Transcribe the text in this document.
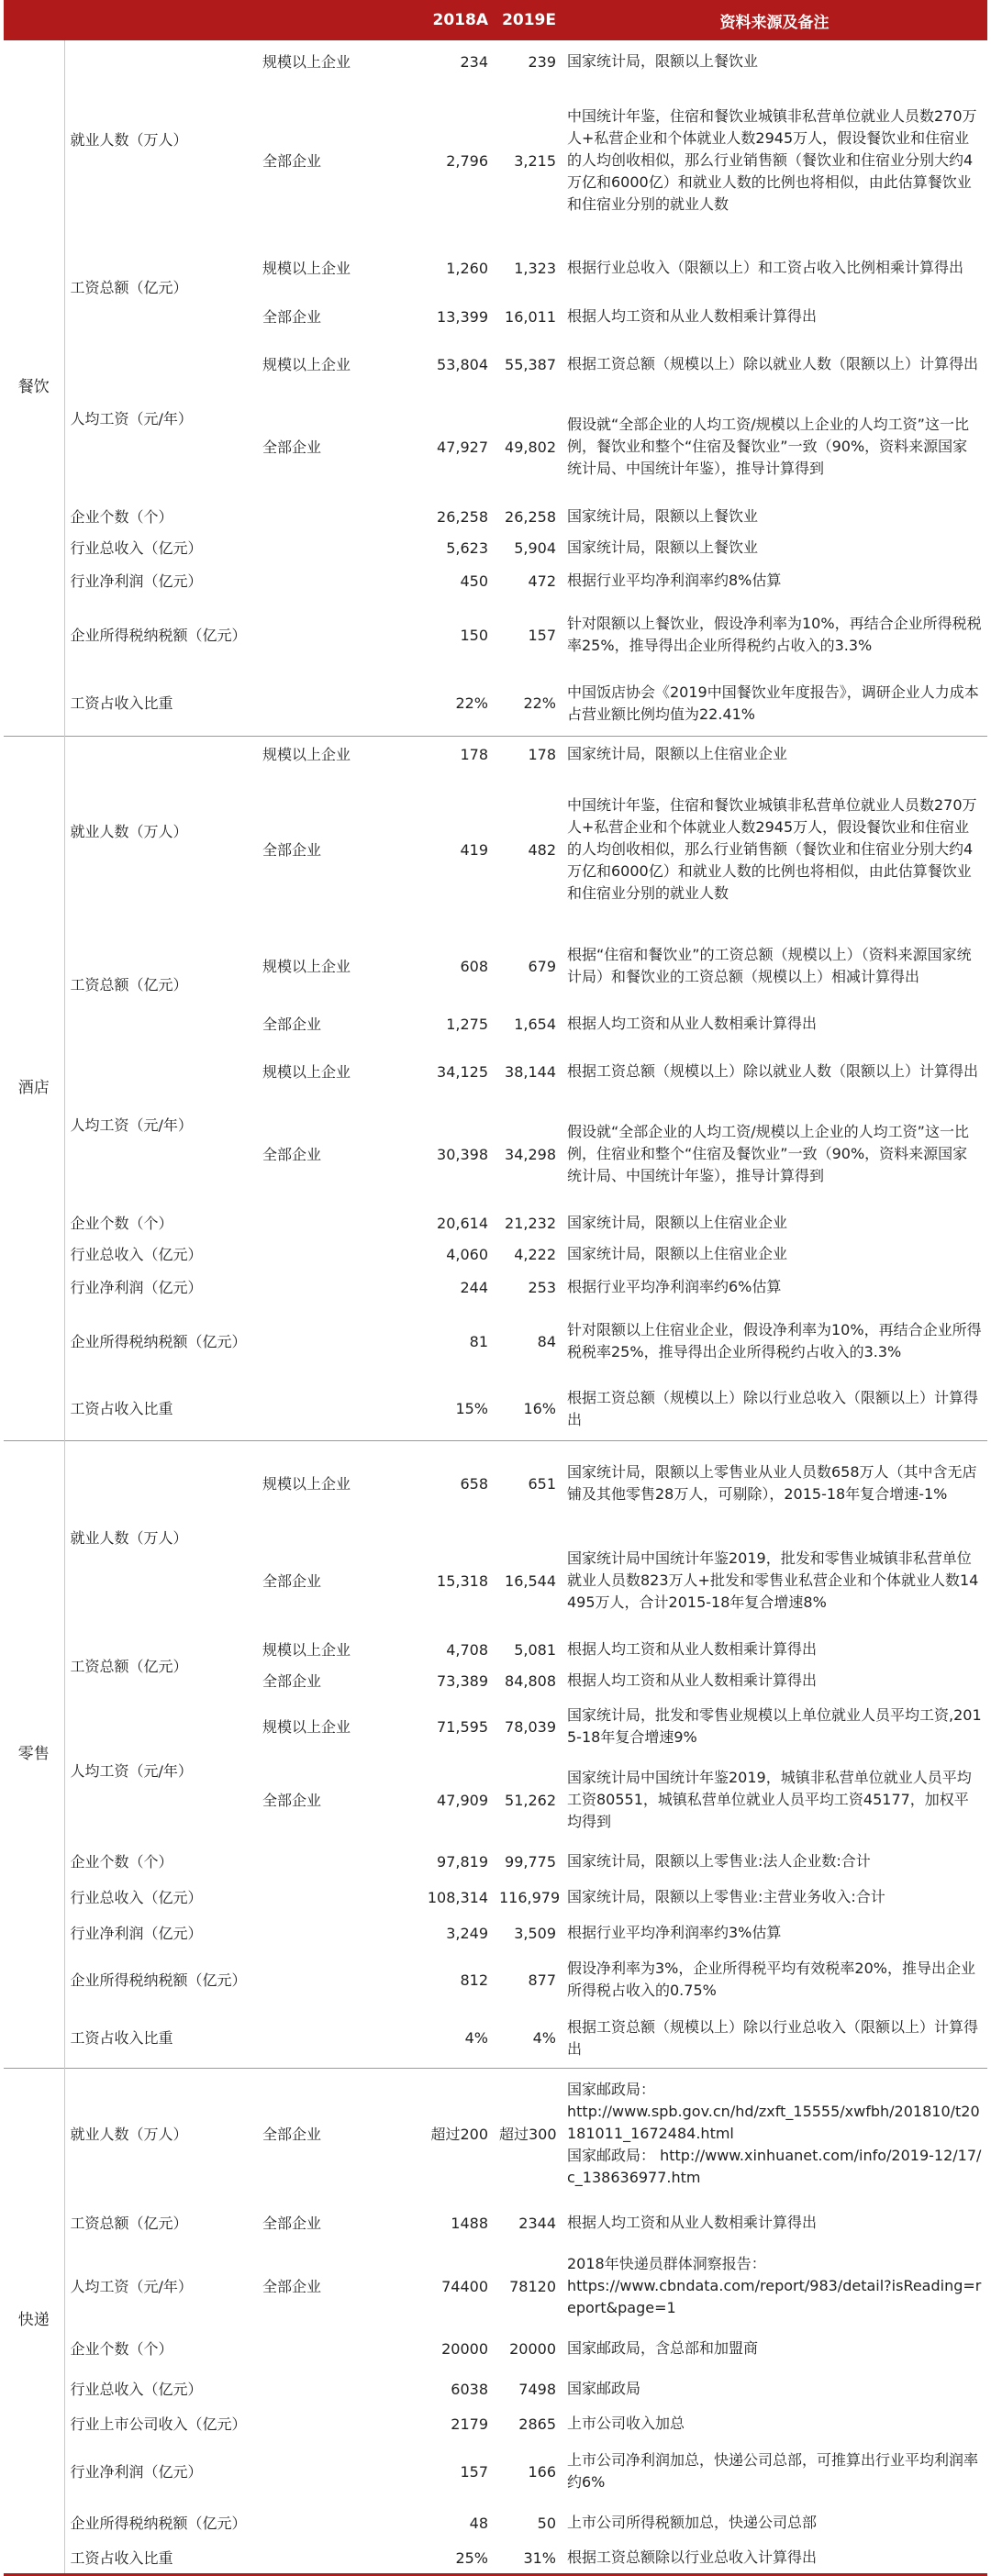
			2018A	2019E	资料来源及备注
餐饮	就业人数（万人）	规模以上企业	234	239	国家统计局，限额以上餐饮业
		全部企业	2,796	3,215	中国统计年鉴，住宿和餐饮业城镇非私营单位就业人员数270万人+私营企业和个体就业人数2945万人，假设餐饮业和住宿业的人均创收相似，那么行业销售额（餐饮业和住宿业分别大约4万亿和6000亿）和就业人数的比例也将相似，由此估算餐饮业和住宿业分别的就业人数
	工资总额（亿元）	规模以上企业	1,260	1,323	根据行业总收入（限额以上）和工资占收入比例相乘计算得出
		全部企业	13,399	16,011	根据人均工资和从业人数相乘计算得出
	人均工资（元/年）	规模以上企业	53,804	55,387	根据工资总额（规模以上）除以就业人数（限额以上）计算得出
		全部企业	47,927	49,802	假设就“全部企业的人均工资/规模以上企业的人均工资”这一比例，餐饮业和整个“住宿及餐饮业”一致（90%，资料来源国家统计局、中国统计年鉴），推导计算得到
	企业个数（个）		26,258	26,258	国家统计局，限额以上餐饮业
	行业总收入（亿元）		5,623	5,904	国家统计局，限额以上餐饮业
	行业净利润（亿元）		450	472	根据行业平均净利润率约8%估算
	企业所得税纳税额（亿元）		150	157	针对限额以上餐饮业，假设净利率为10%，再结合企业所得税税率25%，推导得出企业所得税约占收入的3.3%
	工资占收入比重		22%	22%	中国饭店协会《2019中国餐饮业年度报告》，调研企业人力成本占营业额比例均值为22.41%
酒店	就业人数（万人）	规模以上企业	178	178	国家统计局，限额以上住宿业企业
		全部企业	419	482	中国统计年鉴，住宿和餐饮业城镇非私营单位就业人员数270万人+私营企业和个体就业人数2945万人，假设餐饮业和住宿业的人均创收相似，那么行业销售额（餐饮业和住宿业分别大约4万亿和6000亿）和就业人数的比例也将相似，由此估算餐饮业和住宿业分别的就业人数
	工资总额（亿元）	规模以上企业	608	679	根据“住宿和餐饮业”的工资总额（规模以上）（资料来源国家统计局）和餐饮业的工资总额（规模以上）相减计算得出
		全部企业	1,275	1,654	根据人均工资和从业人数相乘计算得出
	人均工资（元/年）	规模以上企业	34,125	38,144	根据工资总额（规模以上）除以就业人数（限额以上）计算得出
		全部企业	30,398	34,298	假设就“全部企业的人均工资/规模以上企业的人均工资”这一比例，住宿业和整个“住宿及餐饮业”一致（90%，资料来源国家统计局、中国统计年鉴），推导计算得到
	企业个数（个）		20,614	21,232	国家统计局，限额以上住宿业企业
	行业总收入（亿元）		4,060	4,222	国家统计局，限额以上住宿业企业
	行业净利润（亿元）		244	253	根据行业平均净利润率约6%估算
	企业所得税纳税额（亿元）		81	84	针对限额以上住宿业企业，假设净利率为10%，再结合企业所得税税率25%，推导得出企业所得税约占收入的3.3%
	工资占收入比重		15%	16%	根据工资总额（规模以上）除以行业总收入（限额以上）计算得出
零售	就业人数（万人）	规模以上企业	658	651	国家统计局，限额以上零售业从业人员数658万人（其中含无店铺及其他零售28万人，可剔除），2015-18年复合增速-1%
		全部企业	15,318	16,544	国家统计局中国统计年鉴2019，批发和零售业城镇非私营单位就业人员数823万人+批发和零售业私营企业和个体就业人数14495万人，合计2015-18年复合增速8%
	工资总额（亿元）	规模以上企业	4,708	5,081	根据人均工资和从业人数相乘计算得出
		全部企业	73,389	84,808	根据人均工资和从业人数相乘计算得出
	人均工资（元/年）	规模以上企业	71,595	78,039	国家统计局，批发和零售业规模以上单位就业人员平均工资,2015-18年复合增速9%
		全部企业	47,909	51,262	国家统计局中国统计年鉴2019，城镇非私营单位就业人员平均工资80551，城镇私营单位就业人员平均工资45177，加权平均得到
	企业个数（个）		97,819	99,775	国家统计局，限额以上零售业:法人企业数:合计
	行业总收入（亿元）		108,314	116,979	国家统计局，限额以上零售业:主营业务收入:合计
	行业净利润（亿元）		3,249	3,509	根据行业平均净利润率约3%估算
	企业所得税纳税额（亿元）		812	877	假设净利率为3%，企业所得税平均有效税率20%，推导出企业所得税占收入的0.75%
	工资占收入比重		4%	4%	根据工资总额（规模以上）除以行业总收入（限额以上）计算得出
快递	就业人数（万人）	全部企业	超过200	超过300	国家邮政局：
http://www.spb.gov.cn/hd/zxft_15555/xwfbh/201810/t20181011_1672484.html
国家邮政局： http://www.xinhuanet.com/info/2019-12/17/c_138636977.htm
	工资总额（亿元）	全部企业	1488	2344	根据人均工资和从业人数相乘计算得出
	人均工资（元/年）	全部企业	74400	78120	2018年快递员群体洞察报告：
https://www.cbndata.com/report/983/detail?isReading=report&page=1
	企业个数（个）		20000	20000	国家邮政局，含总部和加盟商
	行业总收入（亿元）		6038	7498	国家邮政局
	行业上市公司收入（亿元）		2179	2865	上市公司收入加总
	行业净利润（亿元）		157	166	上市公司净利润加总，快递公司总部，可推算出行业平均利润率约6%
	企业所得税纳税额（亿元）		48	50	上市公司所得税额加总，快递公司总部
	工资占收入比重		25%	31%	根据工资总额除以行业总收入计算得出
